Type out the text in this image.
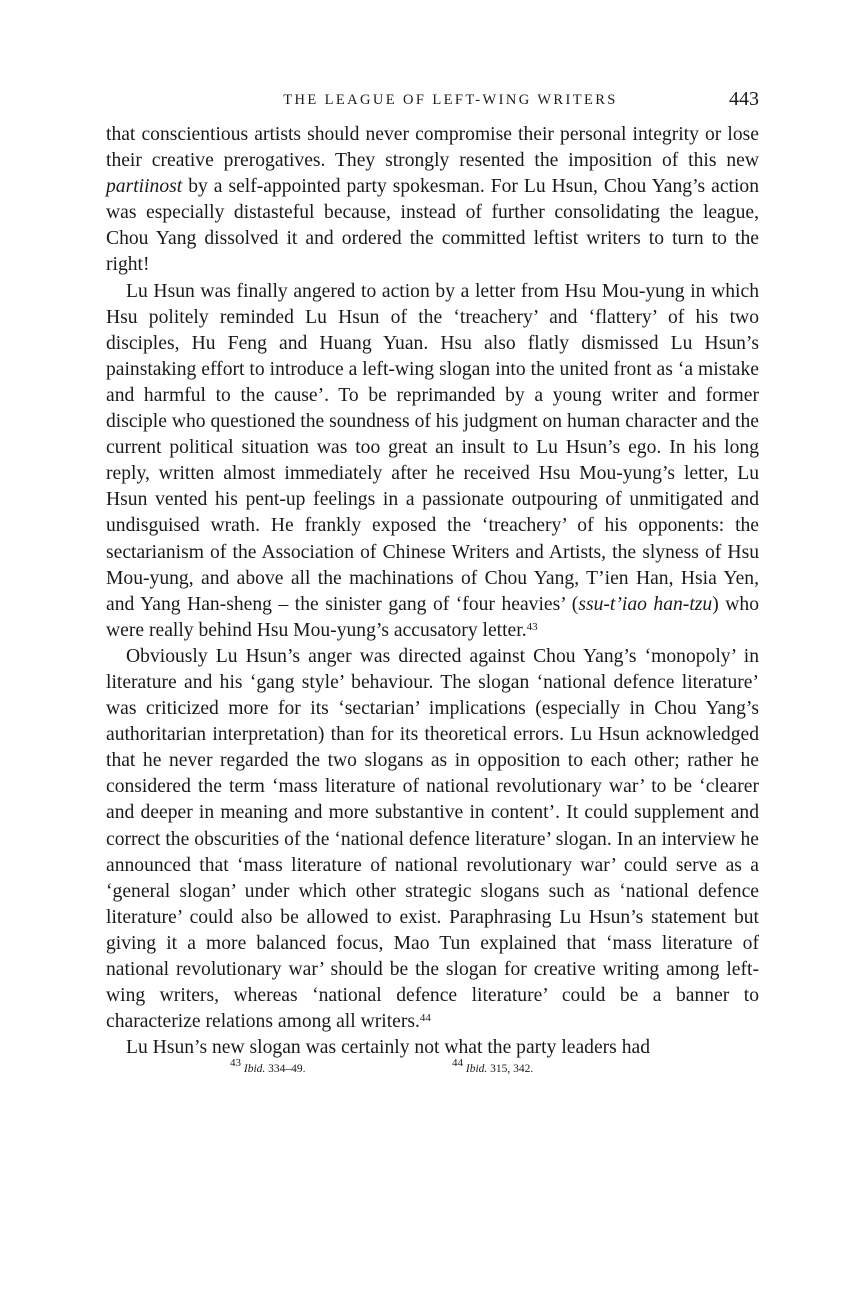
THE LEAGUE OF LEFT-WING WRITERS	443

that conscientious artists should never compromise their personal integrity or lose their creative prerogatives. They strongly resented the imposition of this new partiinost by a self-appointed party spokesman. For Lu Hsun, Chou Yang’s action was especially distasteful because, instead of further consolidating the league, Chou Yang dissolved it and ordered the committed leftist writers to turn to the right!

Lu Hsun was finally angered to action by a letter from Hsu Mou-yung in which Hsu politely reminded Lu Hsun of the ‘treachery’ and ‘flattery’ of his two disciples, Hu Feng and Huang Yuan. Hsu also flatly dismissed Lu Hsun’s painstaking effort to introduce a left-wing slogan into the united front as ‘a mistake and harmful to the cause’. To be reprimanded by a young writer and former disciple who questioned the soundness of his judgment on human character and the current political situation was too great an insult to Lu Hsun’s ego. In his long reply, written almost immediately after he received Hsu Mou-yung’s letter, Lu Hsun vented his pent-up feelings in a passionate outpouring of unmitigated and undisguised wrath. He frankly exposed the ‘treachery’ of his opponents: the sectarianism of the Association of Chinese Writers and Artists, the slyness of Hsu Mou-yung, and above all the machinations of Chou Yang, T’ien Han, Hsia Yen, and Yang Han-sheng – the sinister gang of ‘four heavies’ (ssu-t’iao han-tzu) who were really behind Hsu Mou-yung’s accusatory letter.$^{43}$

Obviously Lu Hsun’s anger was directed against Chou Yang’s ‘monopoly’ in literature and his ‘gang style’ behaviour. The slogan ‘national defence literature’ was criticized more for its ‘sectarian’ implications (especially in Chou Yang’s authoritarian interpretation) than for its theoretical errors. Lu Hsun acknowledged that he never regarded the two slogans as in opposition to each other; rather he considered the term ‘mass literature of national revolutionary war’ to be ‘clearer and deeper in meaning and more substantive in content’. It could supplement and correct the obscurities of the ‘national defence literature’ slogan. In an interview he announced that ‘mass literature of national revolutionary war’ could serve as a ‘general slogan’ under which other strategic slogans such as ‘national defence literature’ could also be allowed to exist. Paraphrasing Lu Hsun’s statement but giving it a more balanced focus, Mao Tun explained that ‘mass literature of national revolutionary war’ should be the slogan for creative writing among left-wing writers, whereas ‘national defence literature’ could be a banner to characterize relations among all writers.$^{44}$

Lu Hsun’s new slogan was certainly not what the party leaders had

$^{43}$ Ibid. 334–49.	$^{44}$ Ibid. 315, 342.
